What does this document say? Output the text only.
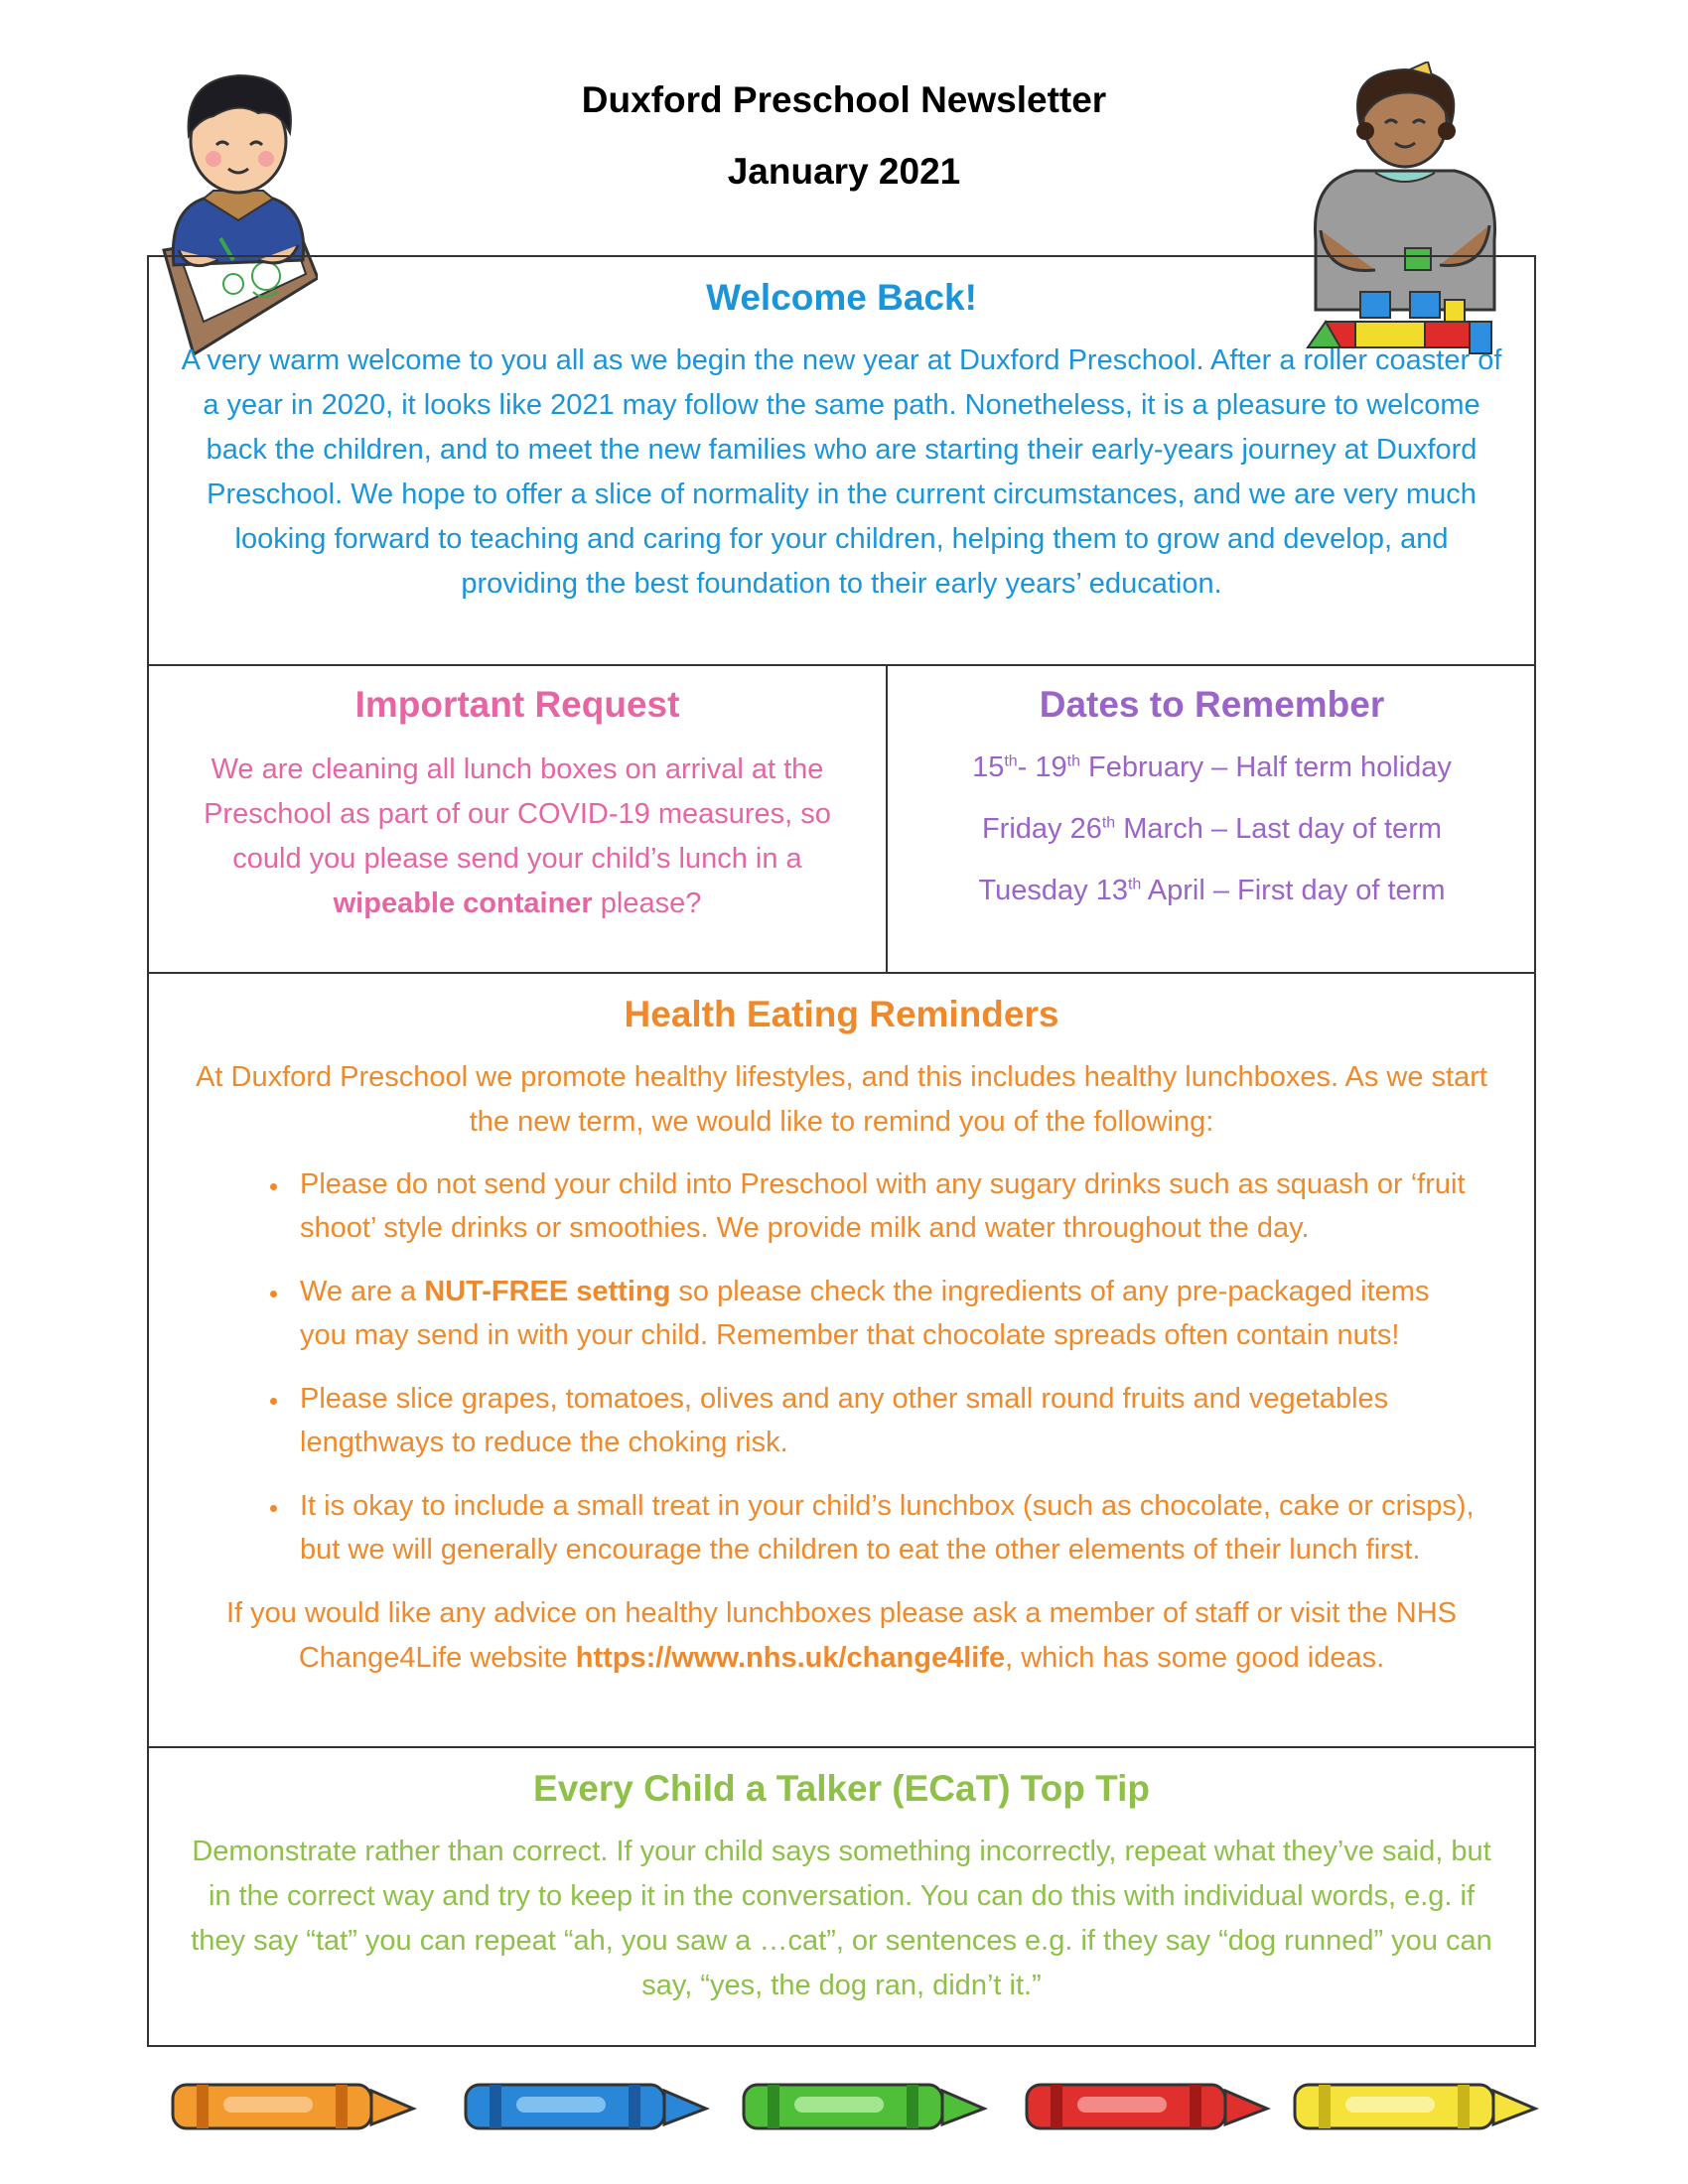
Duxford Preschool Newsletter
January 2021
Welcome Back!

A very warm welcome to you all as we begin the new year at Duxford Preschool. After a roller coaster of a year in 2020, it looks like 2021 may follow the same path. Nonetheless, it is a pleasure to welcome back the children, and to meet the new families who are starting their early-years journey at Duxford Preschool. We hope to offer a slice of normality in the current circumstances, and we are very much looking forward to teaching and caring for your children, helping them to grow and develop, and providing the best foundation to their early years’ education.

Important Request

We are cleaning all lunch boxes on arrival at the Preschool as part of our COVID-19 measures, so could you please send your child’s lunch in a wipeable container please?

Dates to Remember

15th- 19th February – Half term holiday

Friday 26th March – Last day of term

Tuesday 13th April – First day of term

Health Eating Reminders

At Duxford Preschool we promote healthy lifestyles, and this includes healthy lunchboxes. As we start the new term, we would like to remind you of the following:

• Please do not send your child into Preschool with any sugary drinks such as squash or ‘fruit shoot’ style drinks or smoothies. We provide milk and water throughout the day.
• We are a NUT-FREE setting so please check the ingredients of any pre-packaged items you may send in with your child. Remember that chocolate spreads often contain nuts!
• Please slice grapes, tomatoes, olives and any other small round fruits and vegetables lengthways to reduce the choking risk.
• It is okay to include a small treat in your child’s lunchbox (such as chocolate, cake or crisps), but we will generally encourage the children to eat the other elements of their lunch first.

If you would like any advice on healthy lunchboxes please ask a member of staff or visit the NHS Change4Life website https://www.nhs.uk/change4life, which has some good ideas.

Every Child a Talker (ECaT) Top Tip

Demonstrate rather than correct. If your child says something incorrectly, repeat what they’ve said, but in the correct way and try to keep it in the conversation. You can do this with individual words, e.g. if they say “tat” you can repeat “ah, you saw a …cat”, or sentences e.g. if they say “dog runned” you can say, “yes, the dog ran, didn’t it.”
